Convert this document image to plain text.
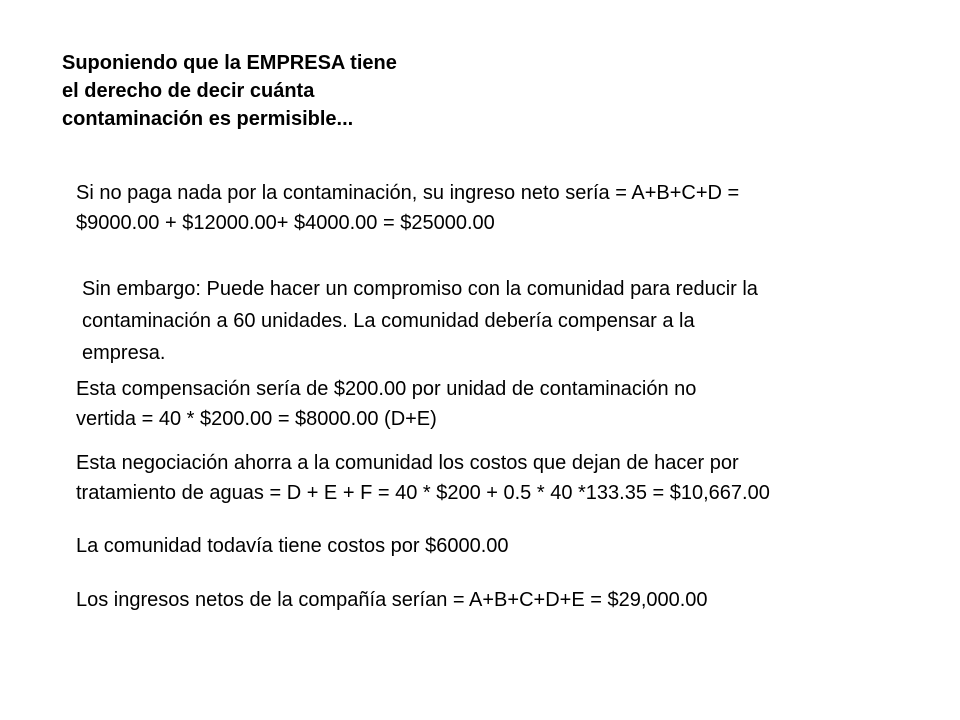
Suponiendo que la EMPRESA tiene
el derecho de decir cuánta
contaminación es permisible...
Si no paga nada por la contaminación, su ingreso neto sería = A+B+C+D =
$9000.00 + $12000.00+ $4000.00 = $25000.00
Sin embargo: Puede hacer un compromiso con la comunidad para reducir la
contaminación a 60 unidades. La comunidad debería compensar a la
empresa.
Esta compensación sería de $200.00 por unidad de contaminación no
vertida = 40 * $200.00 = $8000.00 (D+E)
Esta negociación ahorra a la comunidad los costos que dejan de hacer por
tratamiento de aguas = D + E + F = 40 * $200 + 0.5 * 40 *133.35 = $10,667.00
La comunidad todavía tiene costos por $6000.00
Los ingresos netos de la compañía serían = A+B+C+D+E = $29,000.00
